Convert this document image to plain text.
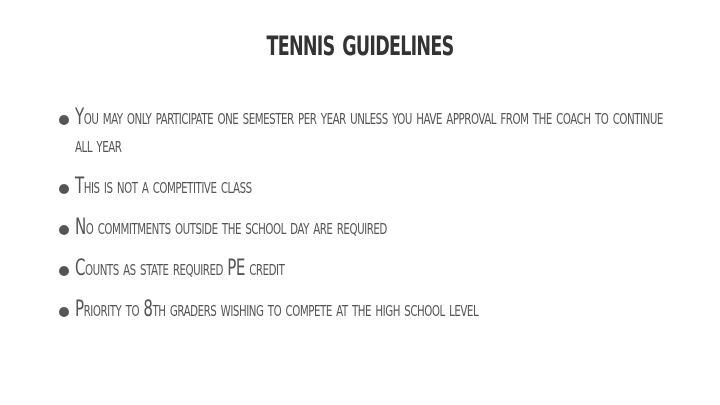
tennis guidelines
You may only participate one semester per year unless you have approval from the coach to continue all year
This is not a competitive class
No commitments outside the school day are required
Counts as state required PE credit
Priority to 8th graders wishing to compete at the high school level
